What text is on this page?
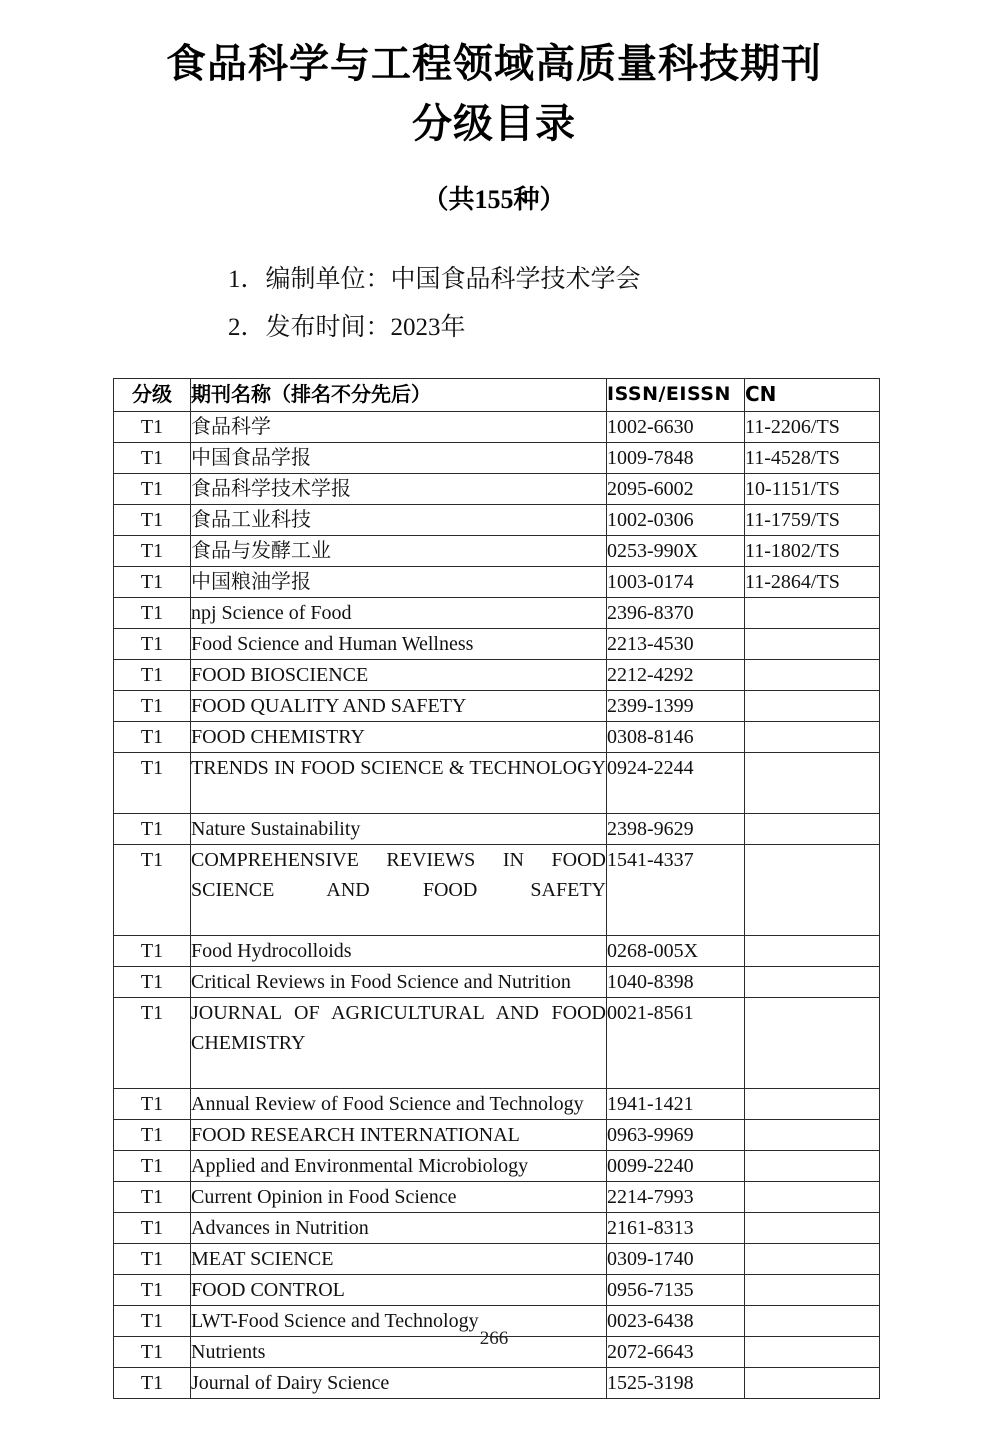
食品科学与工程领域高质量科技期刊
分级目录
（共155种）
1．编制单位：中国食品科学技术学会
2．发布时间：2023年
分级	期刊名称（排名不分先后）	ISSN/EISSN	CN
T1	食品科学	1002-6630	11-2206/TS
T1	中国食品学报	1009-7848	11-4528/TS
T1	食品科学技术学报	2095-6002	10-1151/TS
T1	食品工业科技	1002-0306	11-1759/TS
T1	食品与发酵工业	0253-990X	11-1802/TS
T1	中国粮油学报	1003-0174	11-2864/TS
T1	npj Science of Food	2396-8370	
T1	Food Science and Human Wellness	2213-4530	
T1	FOOD BIOSCIENCE	2212-4292	
T1	FOOD QUALITY AND SAFETY	2399-1399	
T1	FOOD CHEMISTRY	0308-8146	
T1	TRENDS IN FOOD SCIENCE & TECHNOLOGY	0924-2244	
T1	Nature Sustainability	2398-9629	
T1	COMPREHENSIVE REVIEWS IN FOOD SCIENCE AND FOOD SAFETY	1541-4337	
T1	Food Hydrocolloids	0268-005X	
T1	Critical Reviews in Food Science and Nutrition	1040-8398	
T1	JOURNAL OF AGRICULTURAL AND FOOD CHEMISTRY	0021-8561	
T1	Annual Review of Food Science and Technology	1941-1421	
T1	FOOD RESEARCH INTERNATIONAL	0963-9969	
T1	Applied and Environmental Microbiology	0099-2240	
T1	Current Opinion in Food Science	2214-7993	
T1	Advances in Nutrition	2161-8313	
T1	MEAT SCIENCE	0309-1740	
T1	FOOD CONTROL	0956-7135	
T1	LWT-Food Science and Technology	0023-6438	
T1	Nutrients	2072-6643	
T1	Journal of Dairy Science	1525-3198	
266
